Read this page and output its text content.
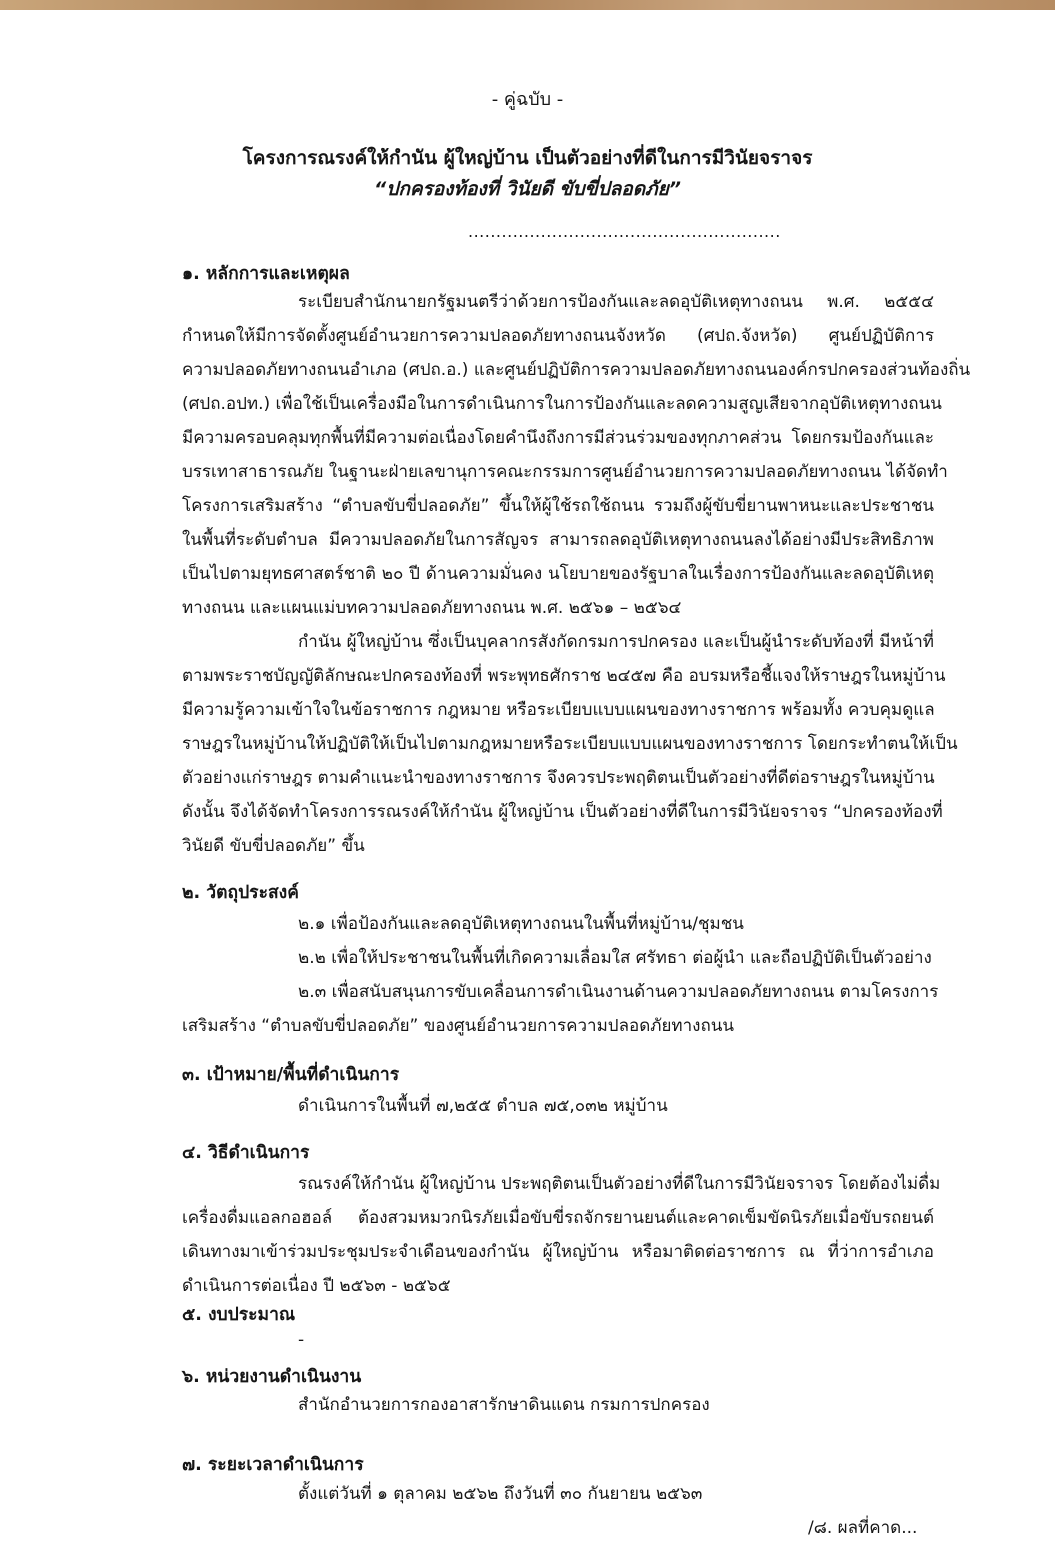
- คู่ฉบับ -
โครงการณรงค์ให้กำนัน ผู้ใหญ่บ้าน เป็นตัวอย่างที่ดีในการมีวินัยจราจร
“ปกครองท้องที่ วินัยดี ขับขี่ปลอดภัย”
........................................................
๑. หลักการและเหตุผล
ระเบียบสำนักนายกรัฐมนตรีว่าด้วยการป้องกันและลดอุบัติเหตุทางถนน พ.ศ. ๒๕๕๔
กำหนดให้มีการจัดตั้งศูนย์อำนวยการความปลอดภัยทางถนนจังหวัด (ศปถ.จังหวัด) ศูนย์ปฏิบัติการ
ความปลอดภัยทางถนนอำเภอ (ศปถ.อ.) และศูนย์ปฏิบัติการความปลอดภัยทางถนนองค์กรปกครองส่วนท้องถิ่น
(ศปถ.อปท.) เพื่อใช้เป็นเครื่องมือในการดำเนินการในการป้องกันและลดความสูญเสียจากอุบัติเหตุทางถนน
มีความครอบคลุมทุกพื้นที่มีความต่อเนื่องโดยคำนึงถึงการมีส่วนร่วมของทุกภาคส่วน โดยกรมป้องกันและ
บรรเทาสาธารณภัย ในฐานะฝ่ายเลขานุการคณะกรรมการศูนย์อำนวยการความปลอดภัยทางถนน ได้จัดทำ
โครงการเสริมสร้าง “ตำบลขับขี่ปลอดภัย” ขึ้นให้ผู้ใช้รถใช้ถนน รวมถึงผู้ขับขี่ยานพาหนะและประชาชน
ในพื้นที่ระดับตำบล มีความปลอดภัยในการสัญจร สามารถลดอุบัติเหตุทางถนนลงได้อย่างมีประสิทธิภาพ
เป็นไปตามยุทธศาสตร์ชาติ ๒๐ ปี ด้านความมั่นคง นโยบายของรัฐบาลในเรื่องการป้องกันและลดอุบัติเหตุ
ทางถนน และแผนแม่บทความปลอดภัยทางถนน พ.ศ. ๒๕๖๑ – ๒๕๖๔
กำนัน ผู้ใหญ่บ้าน ซึ่งเป็นบุคลากรสังกัดกรมการปกครอง และเป็นผู้นำระดับท้องที่ มีหน้าที่
ตามพระราชบัญญัติลักษณะปกครองท้องที่ พระพุทธศักราช ๒๔๕๗ คือ อบรมหรือชี้แจงให้ราษฎรในหมู่บ้าน
มีความรู้ความเข้าใจในข้อราชการ กฎหมาย หรือระเบียบแบบแผนของทางราชการ พร้อมทั้ง ควบคุมดูแล
ราษฎรในหมู่บ้านให้ปฏิบัติให้เป็นไปตามกฎหมายหรือระเบียบแบบแผนของทางราชการ โดยกระทำตนให้เป็น
ตัวอย่างแก่ราษฎร ตามคำแนะนำของทางราชการ จึงควรประพฤติตนเป็นตัวอย่างที่ดีต่อราษฎรในหมู่บ้าน
ดังนั้น จึงได้จัดทำโครงการรณรงค์ให้กำนัน ผู้ใหญ่บ้าน เป็นตัวอย่างที่ดีในการมีวินัยจราจร “ปกครองท้องที่
วินัยดี ขับขี่ปลอดภัย” ขึ้น
๒. วัตถุประสงค์
๒.๑ เพื่อป้องกันและลดอุบัติเหตุทางถนนในพื้นที่หมู่บ้าน/ชุมชน
๒.๒ เพื่อให้ประชาชนในพื้นที่เกิดความเลื่อมใส ศรัทธา ต่อผู้นำ และถือปฏิบัติเป็นตัวอย่าง
๒.๓ เพื่อสนับสนุนการขับเคลื่อนการดำเนินงานด้านความปลอดภัยทางถนน ตามโครงการ
เสริมสร้าง “ตำบลขับขี่ปลอดภัย” ของศูนย์อำนวยการความปลอดภัยทางถนน
๓. เป้าหมาย/พื้นที่ดำเนินการ
ดำเนินการในพื้นที่ ๗,๒๕๕ ตำบล ๗๕,๐๓๒ หมู่บ้าน
๔. วิธีดำเนินการ
รณรงค์ให้กำนัน ผู้ใหญ่บ้าน ประพฤติตนเป็นตัวอย่างที่ดีในการมีวินัยจราจร โดยต้องไม่ดื่ม
เครื่องดื่มแอลกอฮอล์ ต้องสวมหมวกนิรภัยเมื่อขับขี่รถจักรยานยนต์และคาดเข็มขัดนิรภัยเมื่อขับรถยนต์
เดินทางมาเข้าร่วมประชุมประจำเดือนของกำนัน ผู้ใหญ่บ้าน หรือมาติดต่อราชการ ณ ที่ว่าการอำเภอ
ดำเนินการต่อเนื่อง ปี ๒๕๖๓ - ๒๕๖๕
๕. งบประมาณ
-
๖. หน่วยงานดำเนินงาน
สำนักอำนวยการกองอาสารักษาดินแดน กรมการปกครอง
๗. ระยะเวลาดำเนินการ
ตั้งแต่วันที่ ๑ ตุลาคม ๒๕๖๒ ถึงวันที่ ๓๐ กันยายน ๒๕๖๓
/๘. ผลที่คาด...
